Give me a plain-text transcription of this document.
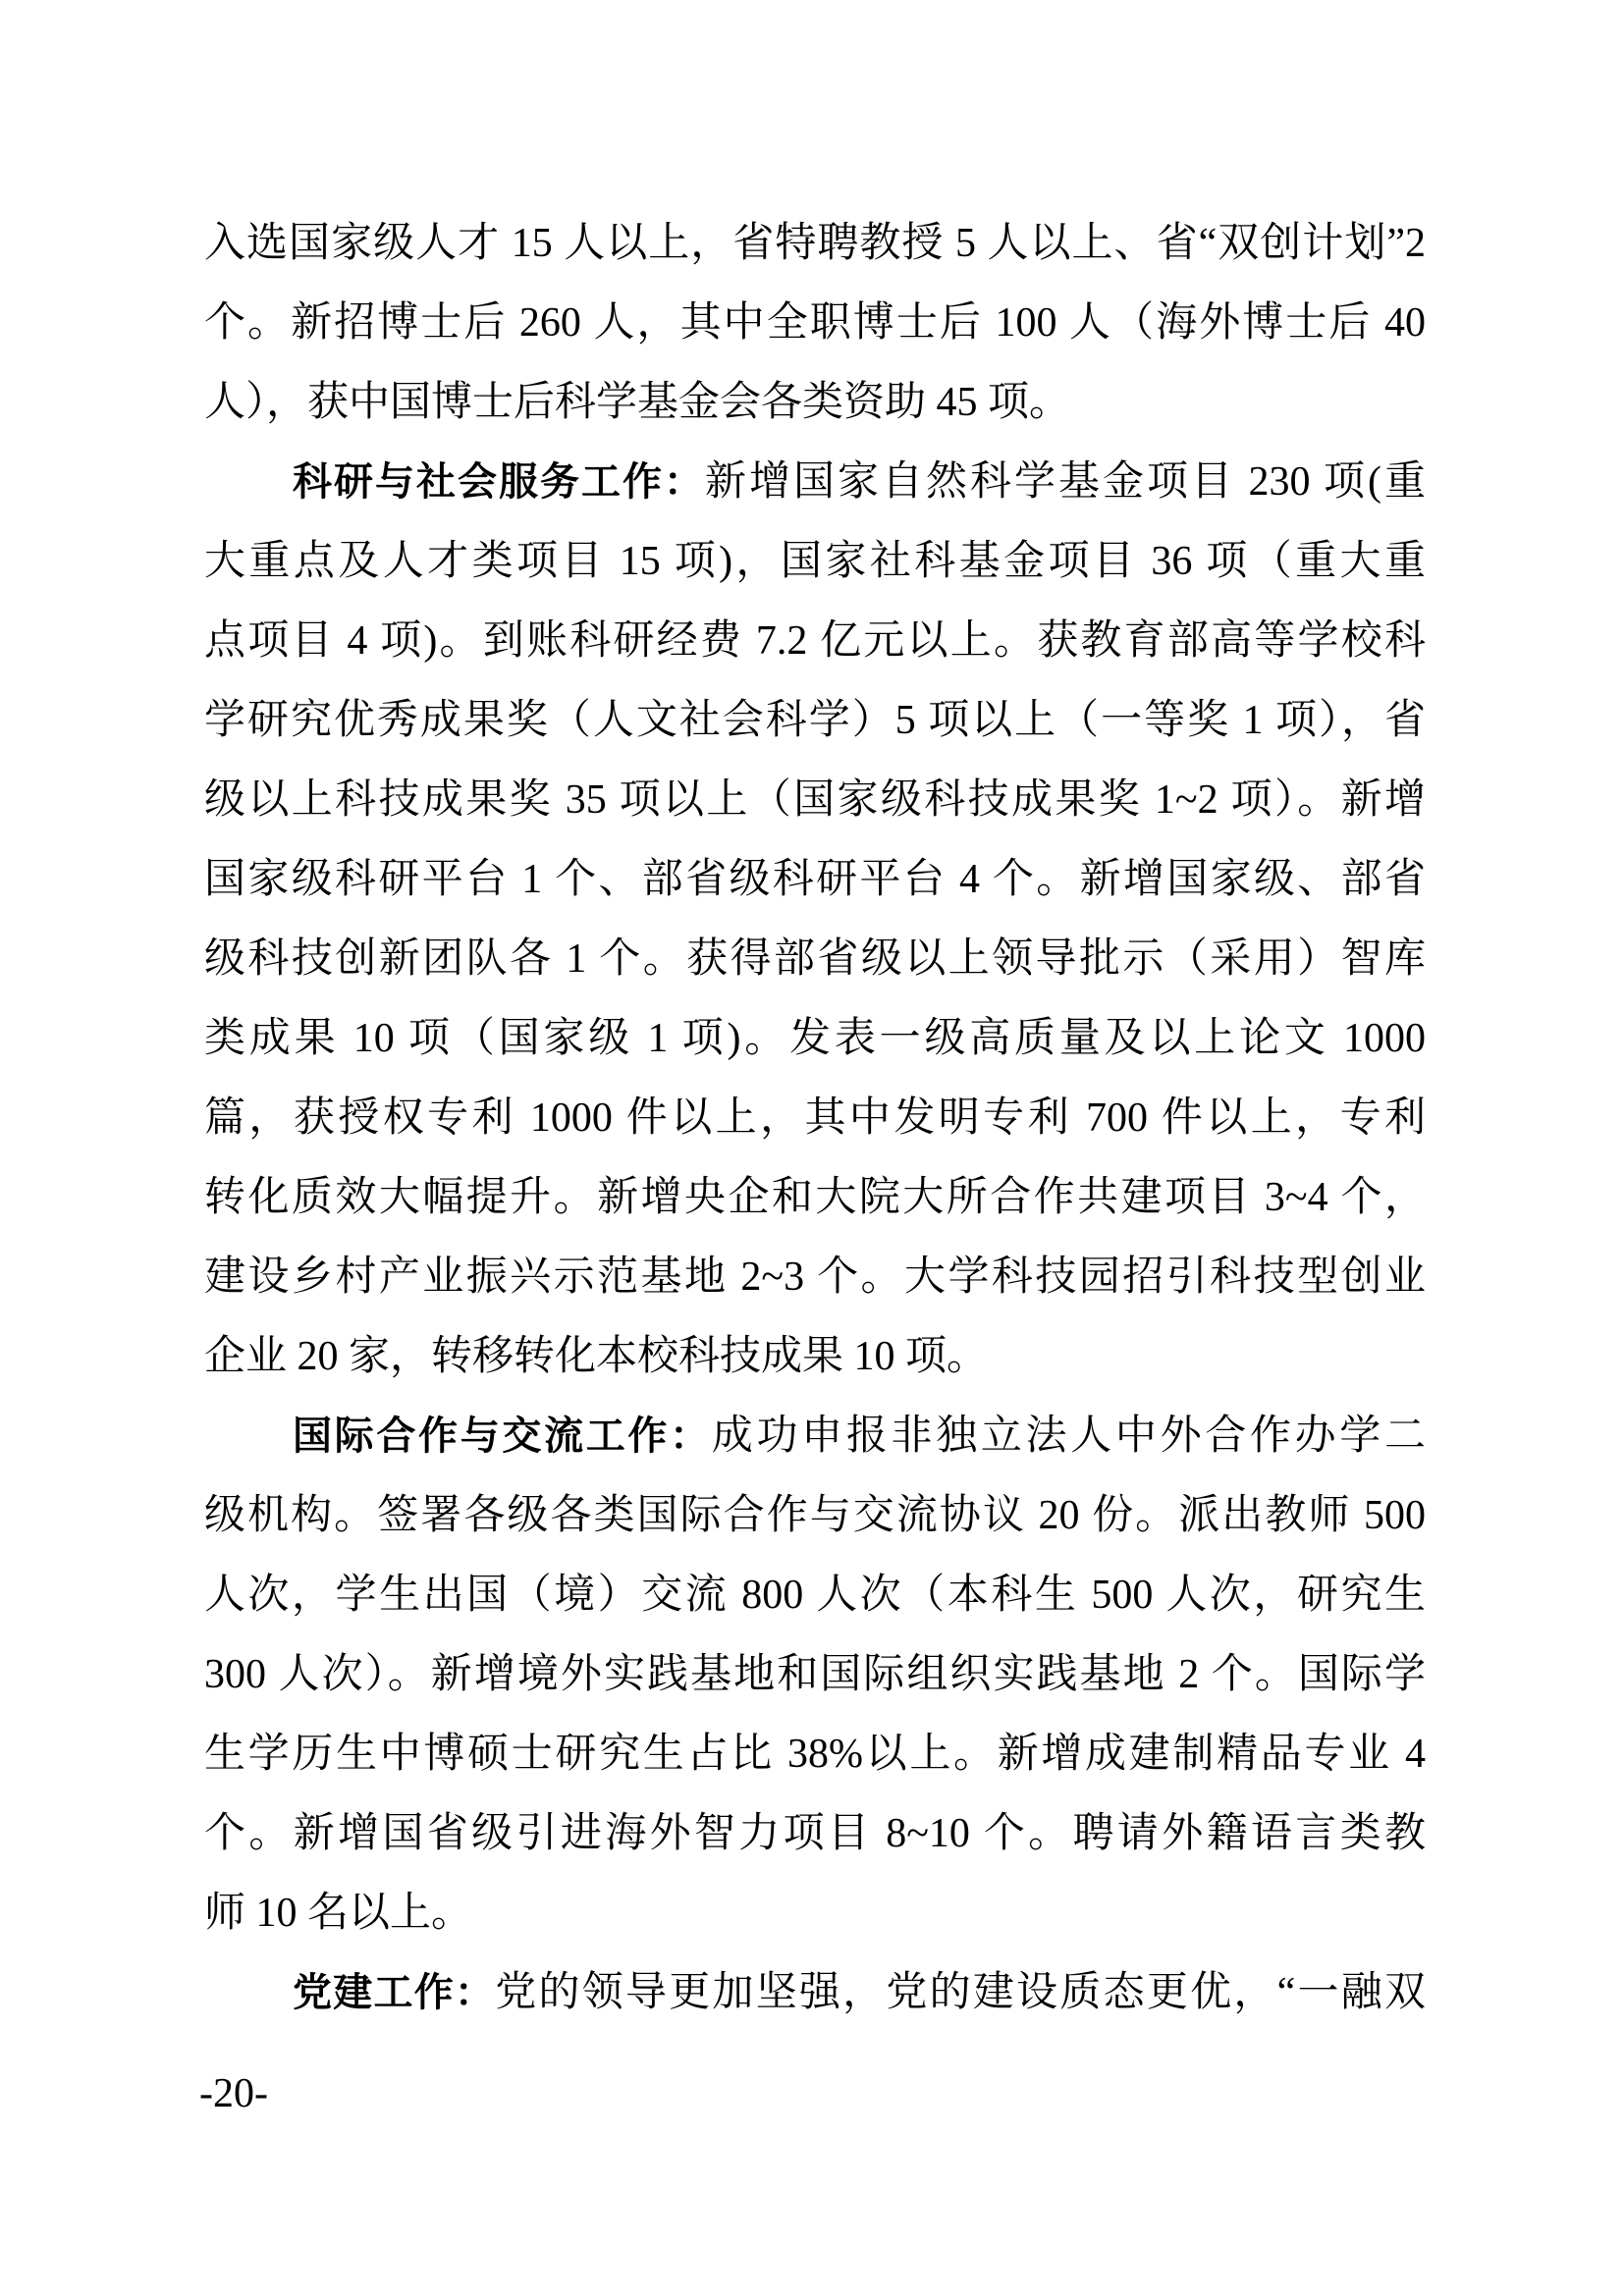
入选国家级人才 15 人以上，省特聘教授 5 人以上、省“双创计划”2
个。新招博士后 260 人，其中全职博士后 100 人（海外博士后 40
人），获中国博士后科学基金会各类资助 45 项。
科研与社会服务工作：新增国家自然科学基金项目 230 项(重
大重点及人才类项目 15 项)，国家社科基金项目 36 项（重大重
点项目 4 项)。到账科研经费 7.2 亿元以上。获教育部高等学校科
学研究优秀成果奖（人文社会科学）5 项以上（一等奖 1 项），省
级以上科技成果奖 35 项以上（国家级科技成果奖 1~2 项）。新增
国家级科研平台 1 个、部省级科研平台 4 个。新增国家级、部省
级科技创新团队各 1 个。获得部省级以上领导批示（采用）智库
类成果 10 项（国家级 1 项)。发表一级高质量及以上论文 1000
篇，获授权专利 1000 件以上，其中发明专利 700 件以上，专利
转化质效大幅提升。新增央企和大院大所合作共建项目 3~4 个，
建设乡村产业振兴示范基地 2~3 个。大学科技园招引科技型创业
企业 20 家，转移转化本校科技成果 10 项。
国际合作与交流工作：成功申报非独立法人中外合作办学二
级机构。签署各级各类国际合作与交流协议 20 份。派出教师 500
人次，学生出国（境）交流 800 人次（本科生 500 人次，研究生
300 人次）。新增境外实践基地和国际组织实践基地 2 个。国际学
生学历生中博硕士研究生占比 38%以上。新增成建制精品专业 4
个。新增国省级引进海外智力项目 8~10 个。聘请外籍语言类教
师 10 名以上。
党建工作：党的领导更加坚强，党的建设质态更优，“一融双
-20-
